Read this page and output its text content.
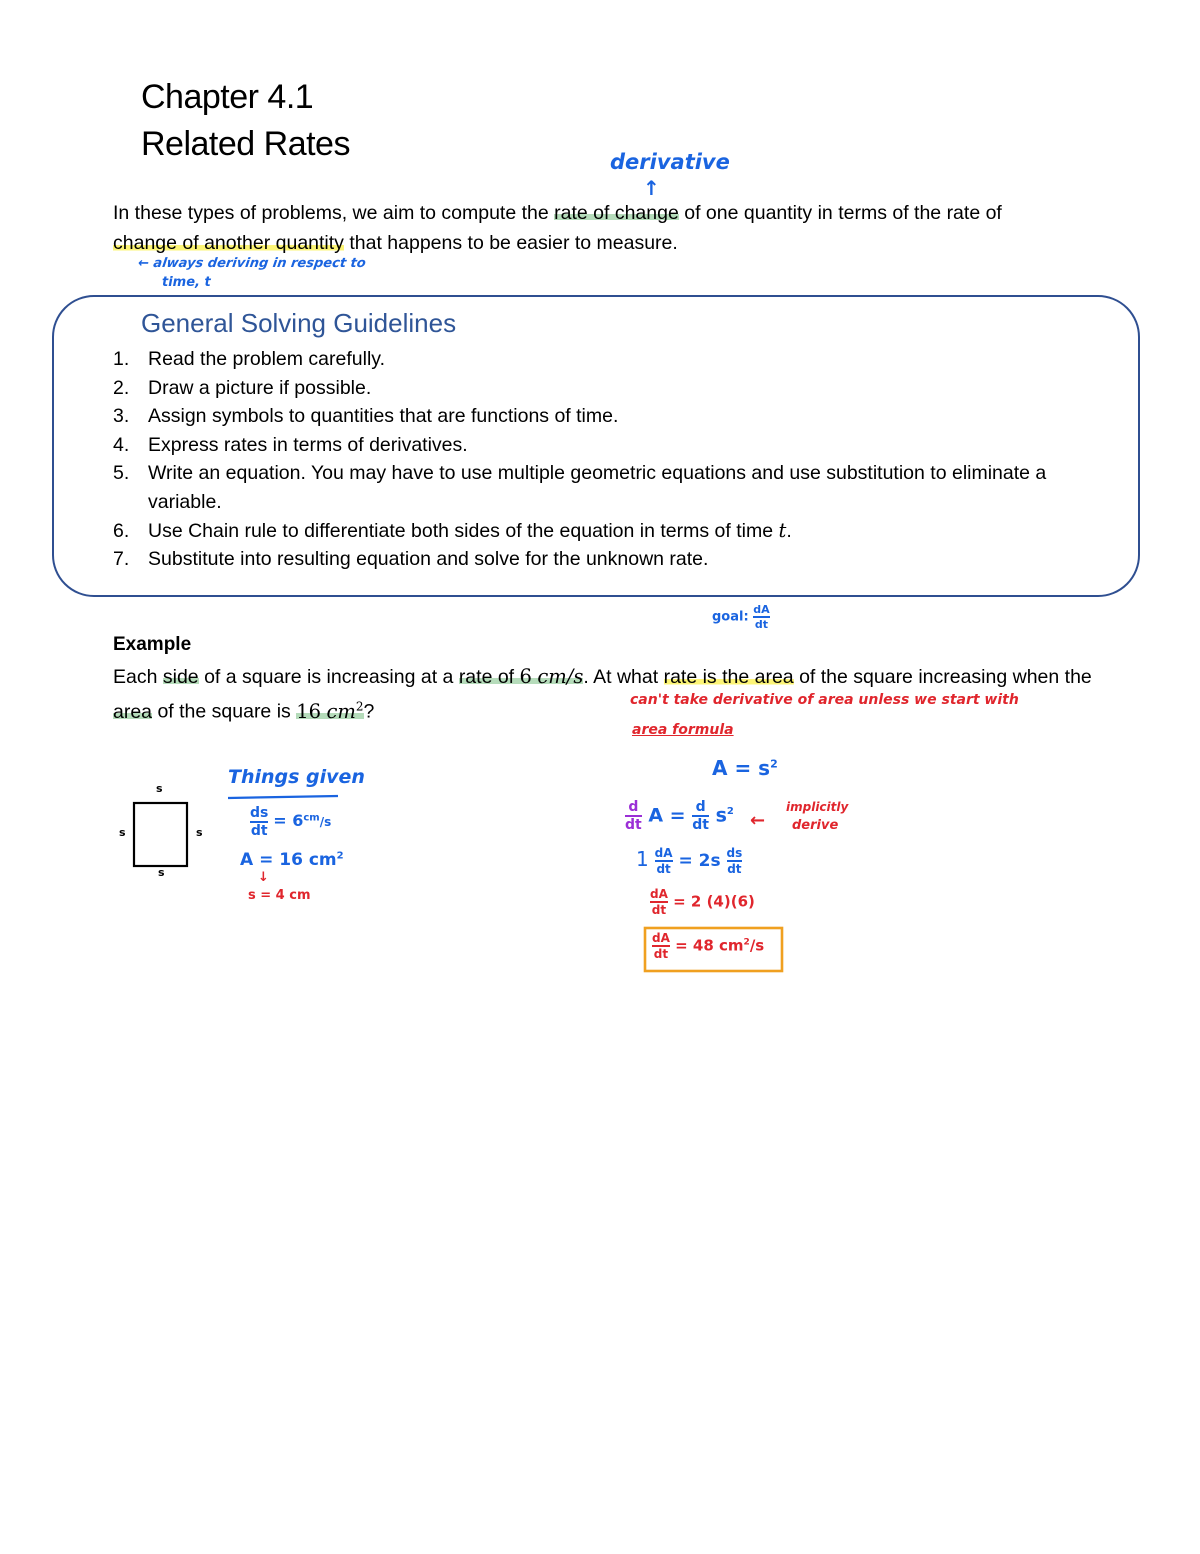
Chapter 4.1
Related Rates
In these types of problems, we aim to compute the rate of change of one quantity in terms of the rate of
change of another quantity that happens to be easier to measure.
derivative
↑
← always deriving in respect to
time, t
General Solving Guidelines
1. Read the problem carefully.
2. Draw a picture if possible.
3. Assign symbols to quantities that are functions of time.
4. Express rates in terms of derivatives.
5. Write an equation. You may have to use multiple geometric equations and use substitution to eliminate a variable.
6. Use Chain rule to differentiate both sides of the equation in terms of time t.
7. Substitute into resulting equation and solve for the unknown rate.
goal: $\frac{dA}{dt}$
Example
Each side of a square is increasing at a rate of 6 cm/s. At what rate is the area of the square increasing when the area of the square is 16 $cm^2$?
s
s	s
s
Things given
$\frac{ds}{dt} = 6^{cm}/s$
A = 16 $cm^2$
↓
s = 4 cm
can't take derivative of area unless we start with
area formula
$A = s^2$
$\frac{d}{dt}$ $A = \frac{d}{dt} s^2$ ←
implicitly
derive
$1 \frac{dA}{dt} = 2s \frac{ds}{dt}$
$\frac{dA}{dt} = 2$ (4)(6)
$\frac{dA}{dt} = 48$ $cm^2/s$
